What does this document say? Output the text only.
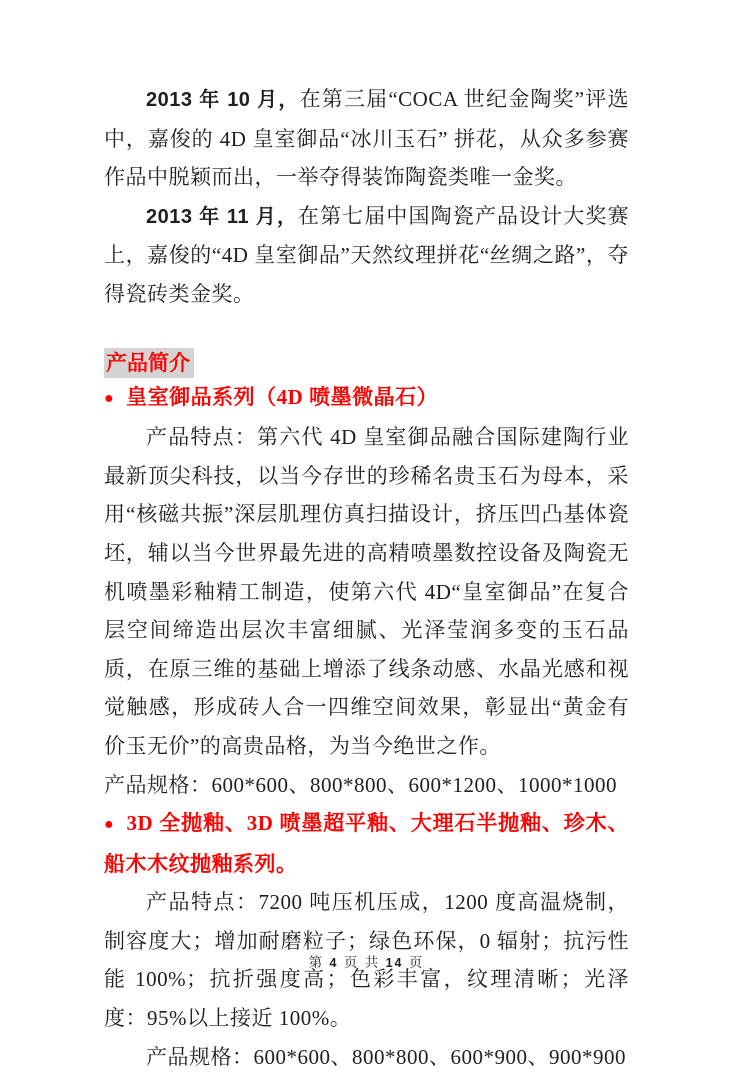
2013 年 10 月，在第三届“COCA 世纪金陶奖”评选中，嘉俊的 4D 皇室御品“冰川玉石” 拼花，从众多参赛作品中脱颖而出，一举夺得装饰陶瓷类唯一金奖。

2013 年 11 月，在第七届中国陶瓷产品设计大奖赛上，嘉俊的“4D 皇室御品”天然纹理拼花“丝绸之路”，夺得瓷砖类金奖。

产品简介

● 皇室御品系列（4D 喷墨微晶石）

产品特点：第六代 4D 皇室御品融合国际建陶行业最新顶尖科技，以当今存世的珍稀名贵玉石为母本，采用“核磁共振”深层肌理仿真扫描设计，挤压凹凸基体瓷坯，辅以当今世界最先进的高精喷墨数控设备及陶瓷无机喷墨彩釉精工制造，使第六代 4D“皇室御品”在复合层空间缔造出层次丰富细腻、光泽莹润多变的玉石品质，在原三维的基础上增添了线条动感、水晶光感和视觉触感，形成砖人合一四维空间效果，彰显出“黄金有价玉无价”的高贵品格，为当今绝世之作。

产品规格：600*600、800*800、600*1200、1000*1000

● 3D 全抛釉、3D 喷墨超平釉、大理石半抛釉、珍木、船木木纹抛釉系列。

产品特点：7200 吨压机压成，1200 度高温烧制，制容度大；增加耐磨粒子；绿色环保，0 辐射；抗污性能 100%；抗折强度高；色彩丰富，纹理清晰；光泽度：95%以上接近 100%。

产品规格：600*600、800*800、600*900、900*900

第 4 页 共 14 页
